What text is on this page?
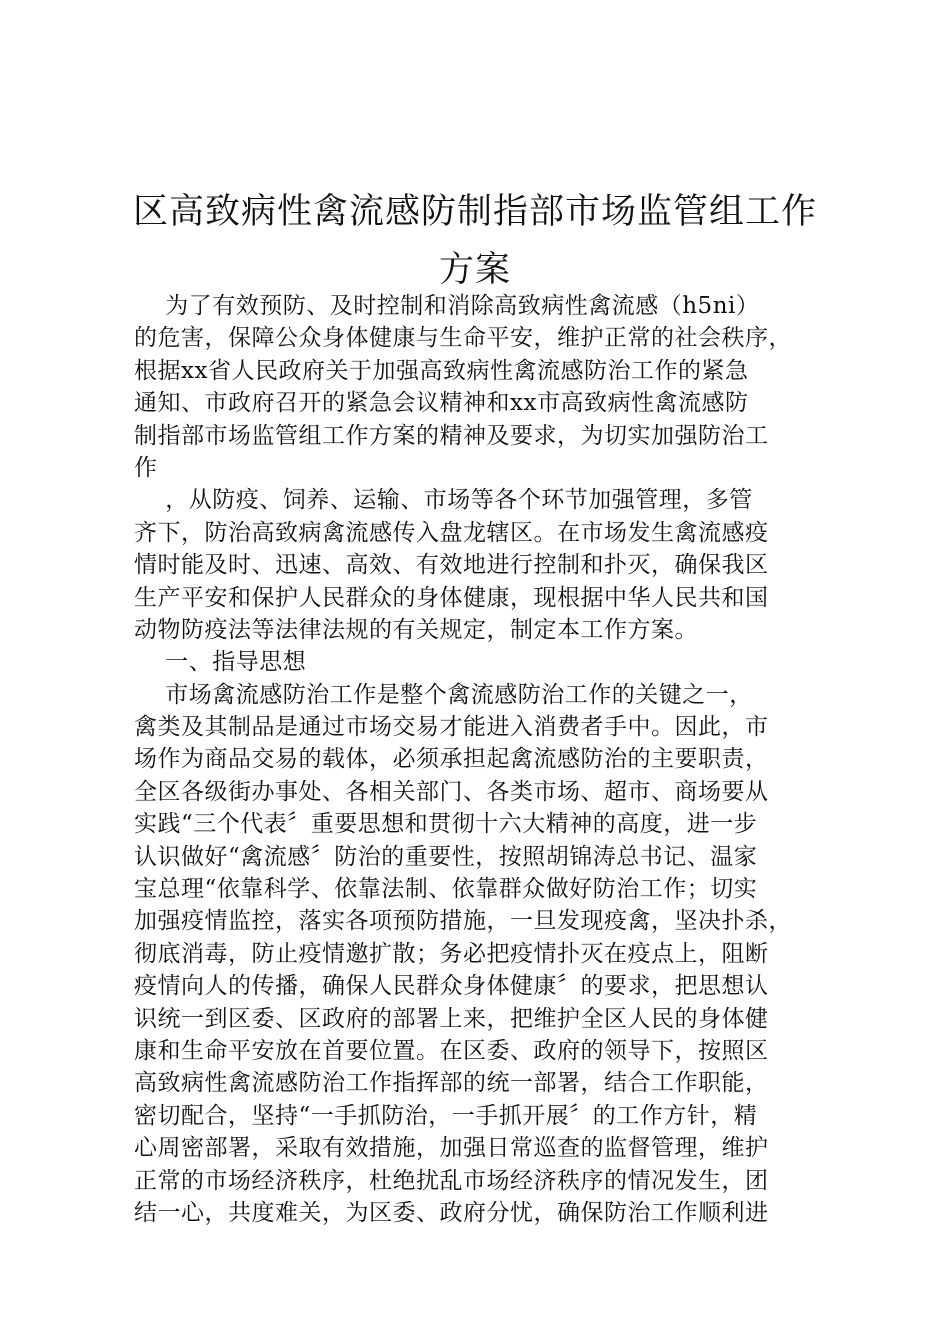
区高致病性禽流感防制指部市场监管组工作
方案
为了有效预防、及时控制和消除高致病性禽流感（h5ni）
的危害，保障公众身体健康与生命平安，维护正常的社会秩序，
根据xx省人民政府关于加强高致病性禽流感防治工作的紧急
通知、市政府召开的紧急会议精神和xx市高致病性禽流感防
制指部市场监管组工作方案的精神及要求，为切实加强防治工
作
，从防疫、饲养、运输、市场等各个环节加强管理，多管
齐下，防治高致病禽流感传入盘龙辖区。在市场发生禽流感疫
情时能及时、迅速、高效、有效地进行控制和扑灭，确保我区
生产平安和保护人民群众的身体健康，现根据中华人民共和国
动物防疫法等法律法规的有关规定，制定本工作方案。
一、指导思想
市场禽流感防治工作是整个禽流感防治工作的关键之一，
禽类及其制品是通过市场交易才能进入消费者手中。因此，市
场作为商品交易的载体，必须承担起禽流感防治的主要职责，
全区各级街办事处、各相关部门、各类市场、超市、商场要从
实践“三个代表〞重要思想和贯彻十六大精神的高度，进一步
认识做好“禽流感〞防治的重要性，按照胡锦涛总书记、温家
宝总理“依靠科学、依靠法制、依靠群众做好防治工作；切实
加强疫情监控，落实各项预防措施，一旦发现疫禽，坚决扑杀，
彻底消毒，防止疫情邀扩散；务必把疫情扑灭在疫点上，阻断
疫情向人的传播，确保人民群众身体健康〞的要求，把思想认
识统一到区委、区政府的部署上来，把维护全区人民的身体健
康和生命平安放在首要位置。在区委、政府的领导下，按照区
高致病性禽流感防治工作指挥部的统一部署，结合工作职能，
密切配合，坚持“一手抓防治，一手抓开展〞的工作方针，精
心周密部署，采取有效措施，加强日常巡查的监督管理，维护
正常的市场经济秩序，杜绝扰乱市场经济秩序的情况发生，团
结一心，共度难关，为区委、政府分忧，确保防治工作顺利进
